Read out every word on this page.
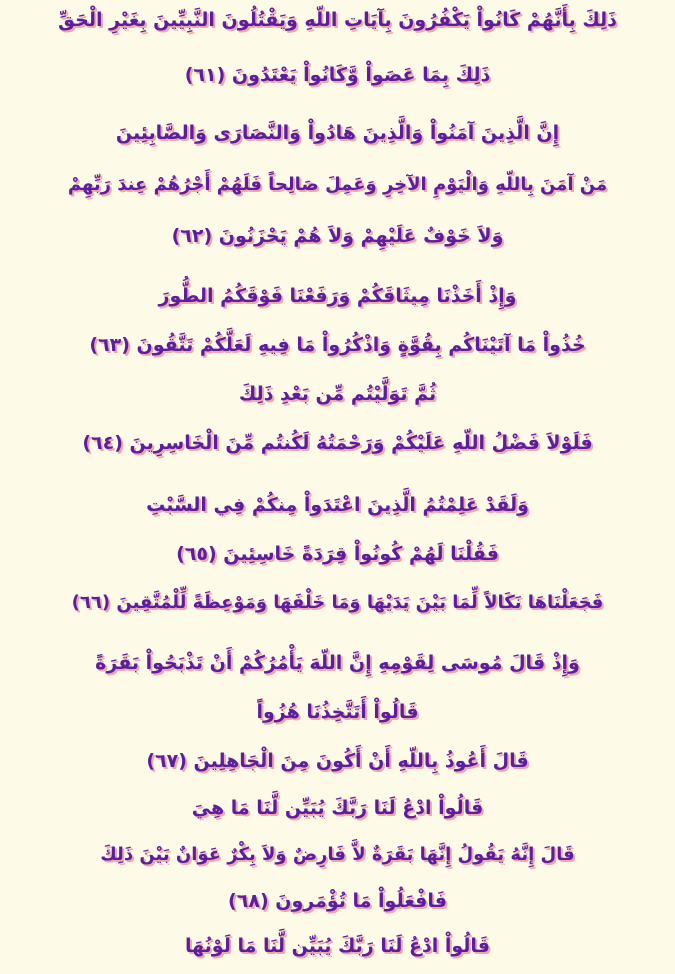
ذَلِكَ بِأَنَّهُمْ كَانُواْ يَكْفُرُونَ بِآيَاتِ اللّهِ وَيَقْتُلُونَ النَّبِيِّينَ بِغَيْرِ الْحَقِّ
ذَلِكَ بِمَا عَصَواْ وَّكَانُواْ يَعْتَدُونَ (٦١)
إِنَّ الَّذِينَ آمَنُواْ وَالَّذِينَ هَادُواْ وَالنَّصَارَى وَالصَّابِئِينَ
مَنْ آمَنَ بِاللّهِ وَالْيَوْمِ الآخِرِ وَعَمِلَ صَالِحاً فَلَهُمْ أَجْرُهُمْ عِندَ رَبِّهِمْ
وَلاَ خَوْفٌ عَلَيْهِمْ وَلاَ هُمْ يَحْزَنُونَ (٦٢)
وَإِذْ أَخَذْنَا مِيثَاقَكُمْ وَرَفَعْنَا فَوْقَكُمُ الطُّورَ
خُذُواْ مَا آتَيْنَاكُم بِقُوَّةٍ وَاذْكُرُواْ مَا فِيهِ لَعَلَّكُمْ تَتَّقُونَ (٦٣)
ثُمَّ تَوَلَّيْتُم مِّن بَعْدِ ذَلِكَ
فَلَوْلاَ فَضْلُ اللّهِ عَلَيْكُمْ وَرَحْمَتُهُ لَكُنتُم مِّنَ الْخَاسِرِينَ (٦٤)
وَلَقَدْ عَلِمْتُمُ الَّذِينَ اعْتَدَواْ مِنكُمْ فِي السَّبْتِ
فَقُلْنَا لَهُمْ كُونُواْ قِرَدَةً خَاسِئِينَ (٦٥)
فَجَعَلْنَاهَا نَكَالاً لِّمَا بَيْنَ يَدَيْهَا وَمَا خَلْفَهَا وَمَوْعِظَةً لِّلْمُتَّقِينَ (٦٦)
وَإِذْ قَالَ مُوسَى لِقَوْمِهِ إِنَّ اللّهَ يَأْمُرُكُمْ أَنْ تَذْبَحُواْ بَقَرَةً
قَالُواْ أَتَتَّخِذُنَا هُزُواً
قَالَ أَعُوذُ بِاللّهِ أَنْ أَكُونَ مِنَ الْجَاهِلِينَ (٦٧)
قَالُواْ ادْعُ لَنَا رَبَّكَ يُبَيِّن لَّنَا مَا هِيَ
قَالَ إِنَّهُ يَقُولُ إِنَّهَا بَقَرَةٌ لاَّ فَارِضٌ وَلاَ بِكْرٌ عَوَانٌ بَيْنَ ذَلِكَ
فَافْعَلُواْ مَا تُؤْمَرونَ (٦٨)
قَالُواْ ادْعُ لَنَا رَبَّكَ يُبَيِّن لَّنَا مَا لَوْنُهَا
